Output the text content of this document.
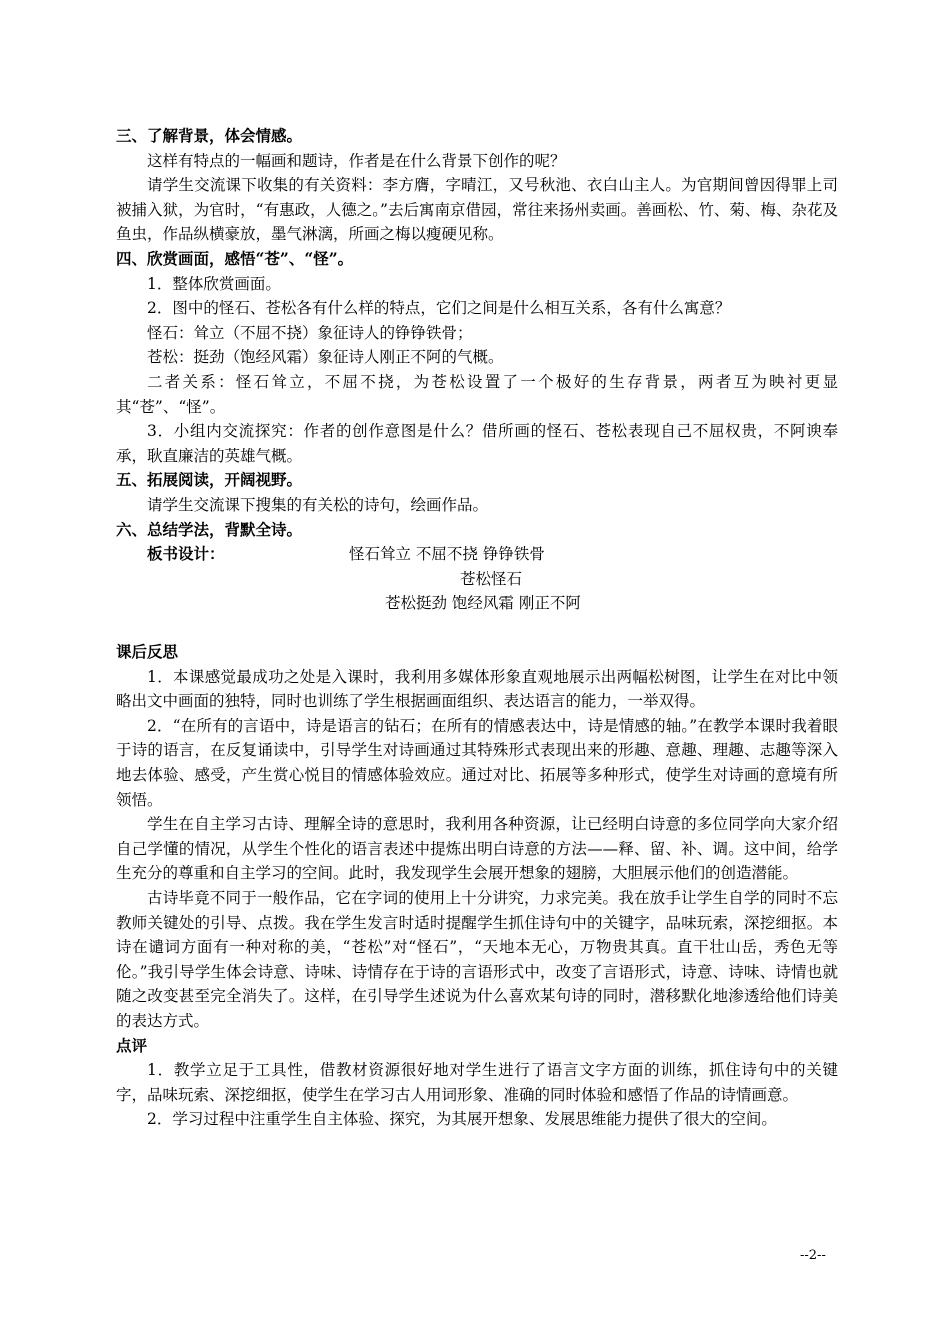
三、了解背景，体会情感。

这样有特点的一幅画和题诗，作者是在什么背景下创作的呢？

请学生交流课下收集的有关资料：李方膺，字晴江，又号秋池、衣白山主人。为官期间曾因得罪上司被捕入狱，为官时，“有惠政，人德之。”去后寓南京借园，常往来扬州卖画。善画松、竹、菊、梅、杂花及鱼虫，作品纵横豪放，墨气淋漓，所画之梅以瘦硬见称。

四、欣赏画面，感悟“苍”、“怪”。

1．整体欣赏画面。

2．图中的怪石、苍松各有什么样的特点，它们之间是什么相互关系，各有什么寓意？

怪石：耸立（不屈不挠）象征诗人的铮铮铁骨；

苍松：挺劲（饱经风霜）象征诗人刚正不阿的气概。

二者关系：怪石耸立，不屈不挠，为苍松设置了一个极好的生存背景，两者互为映衬更显其“苍”、“怪”。

3．小组内交流探究：作者的创作意图是什么？借所画的怪石、苍松表现自己不屈权贵，不阿谀奉承，耿直廉洁的英雄气概。

五、拓展阅读，开阔视野。

请学生交流课下搜集的有关松的诗句，绘画作品。

六、总结学法，背默全诗。

板书设计：	怪石耸立 不屈不挠 铮铮铁骨
苍松怪石
苍松挺劲 饱经风霜 刚正不阿

课后反思

1．本课感觉最成功之处是入课时，我利用多媒体形象直观地展示出两幅松树图，让学生在对比中领略出文中画面的独特，同时也训练了学生根据画面组织、表达语言的能力，一举双得。

2．“在所有的言语中，诗是语言的钻石；在所有的情感表达中，诗是情感的轴。”在教学本课时我着眼于诗的语言，在反复诵读中，引导学生对诗画通过其特殊形式表现出来的形趣、意趣、理趣、志趣等深入地去体验、感受，产生赏心悦目的情感体验效应。通过对比、拓展等多种形式，使学生对诗画的意境有所领悟。

学生在自主学习古诗、理解全诗的意思时，我利用各种资源，让已经明白诗意的多位同学向大家介绍自己学懂的情况，从学生个性化的语言表述中提炼出明白诗意的方法——释、留、补、调。这中间，给学生充分的尊重和自主学习的空间。此时，我发现学生会展开想象的翅膀，大胆展示他们的创造潜能。

古诗毕竟不同于一般作品，它在字词的使用上十分讲究，力求完美。我在放手让学生自学的同时不忘教师关键处的引导、点拨。我在学生发言时适时提醒学生抓住诗句中的关键字，品味玩索，深挖细抠。本诗在谴词方面有一种对称的美，“苍松”对“怪石”，“天地本无心，万物贵其真。直干壮山岳，秀色无等伦。”我引导学生体会诗意、诗味、诗情存在于诗的言语形式中，改变了言语形式，诗意、诗味、诗情也就随之改变甚至完全消失了。这样，在引导学生述说为什么喜欢某句诗的同时，潜移默化地渗透给他们诗美的表达方式。

点评

1．教学立足于工具性，借教材资源很好地对学生进行了语言文字方面的训练，抓住诗句中的关键字，品味玩索、深挖细抠，使学生在学习古人用词形象、准确的同时体验和感悟了作品的诗情画意。

2．学习过程中注重学生自主体验、探究，为其展开想象、发展思维能力提供了很大的空间。

--2--
